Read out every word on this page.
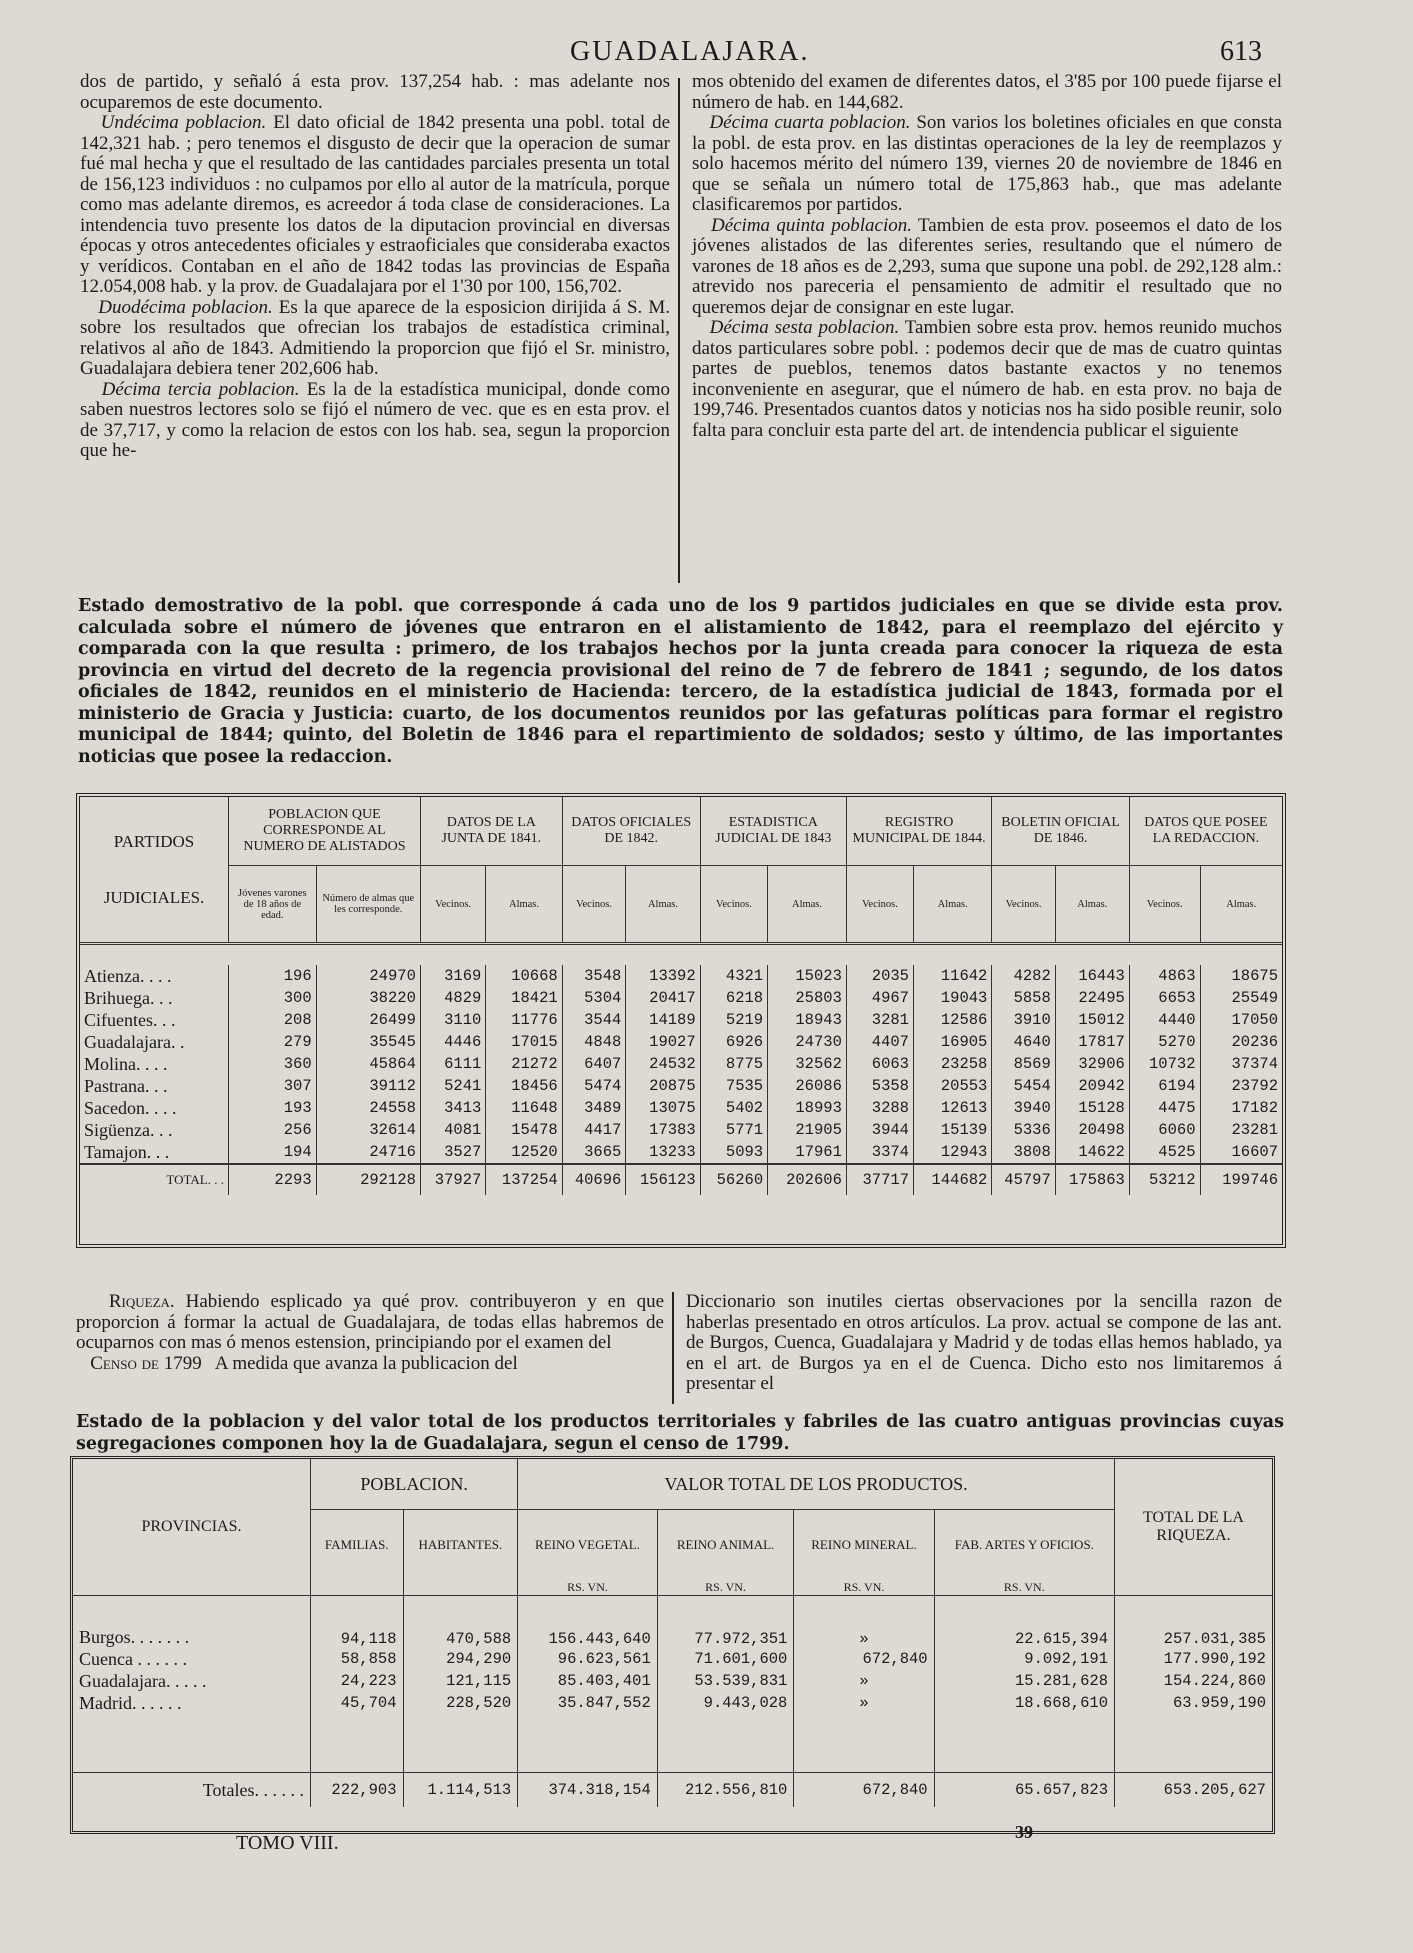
GUADALAJARA.	613

dos de partido, y señaló á esta prov. 137,254 hab. : mas adelante nos ocuparemos de este documento.

Undécima poblacion. El dato oficial de 1842 presenta una pobl. total de 142,321 hab. ; pero tenemos el disgusto de decir que la operacion de sumar fué mal hecha y que el resultado de las cantidades parciales presenta un total de 156,123 individuos : no culpamos por ello al autor de la matrícula, porque como mas adelante diremos, es acreedor á toda clase de consideraciones. La intendencia tuvo presente los datos de la diputacion provincial en diversas épocas y otros antecedentes oficiales y estraoficiales que consideraba exactos y verídicos. Contaban en el año de 1842 todas las provincias de España 12.054,008 hab. y la prov. de Guadalajara por el 1'30 por 100, 156,702.

Duodécima poblacion. Es la que aparece de la esposicion dirijida á S. M. sobre los resultados que ofrecian los trabajos de estadística criminal, relativos al año de 1843. Admitiendo la proporcion que fijó el Sr. ministro, Guadalajara debiera tener 202,606 hab.

Décima tercia poblacion. Es la de la estadística municipal, donde como saben nuestros lectores solo se fijó el número de vec. que es en esta prov. el de 37,717, y como la relacion de estos con los hab. sea, segun la proporcion que he-

mos obtenido del examen de diferentes datos, el 3'85 por 100 puede fijarse el número de hab. en 144,682.

Décima cuarta poblacion. Son varios los boletines oficiales en que consta la pobl. de esta prov. en las distintas operaciones de la ley de reemplazos y solo hacemos mérito del número 139, viernes 20 de noviembre de 1846 en que se señala un número total de 175,863 hab., que mas adelante clasificaremos por partidos.

Décima quinta poblacion. Tambien de esta prov. poseemos el dato de los jóvenes alistados de las diferentes series, resultando que el número de varones de 18 años es de 2,293, suma que supone una pobl. de 292,128 alm.: atrevido nos pareceria el pensamiento de admitir el resultado que no queremos dejar de consignar en este lugar.

Décima sesta poblacion. Tambien sobre esta prov. hemos reunido muchos datos particulares sobre pobl. : podemos decir que de mas de cuatro quintas partes de pueblos, tenemos datos bastante exactos y no tenemos inconveniente en asegurar, que el número de hab. en esta prov. no baja de 199,746. Presentados cuantos datos y noticias nos ha sido posible reunir, solo falta para concluir esta parte del art. de intendencia publicar el siguiente

Estado demostrativo de la pobl. que corresponde á cada uno de los 9 partidos judiciales en que se divide esta prov. calculada sobre el número de jóvenes que entraron en el alistamiento de 1842, para el reemplazo del ejército y comparada con la que resulta : primero, de los trabajos hechos por la junta creada para conocer la riqueza de esta provincia en virtud del decreto de la regencia provisional del reino de 7 de febrero de 1841 ; segundo, de los datos oficiales de 1842, reunidos en el ministerio de Hacienda: tercero, de la estadística judicial de 1843, formada por el ministerio de Gracia y Justicia: cuarto, de los documentos reunidos por las gefaturas políticas para formar el registro municipal de 1844; quinto, del Boletin de 1846 para el repartimiento de soldados; sesto y último, de las importantes noticias que posee la redaccion.
PARTIDOS JUDICIALES.	POBLACION QUE CORRESPONDE AL NUMERO DE ALISTADOS		DATOS DE LA JUNTA DE 1841.		DATOS OFICIALES DE 1842.		ESTADISTICA JUDICIAL DE 1843		REGISTRO MUNICIPAL DE 1844.		BOLETIN OFICIAL DE 1846.		DATOS QUE POSEE LA REDACCION.	
	Jóvenes varones de 18 años de edad.	Número de almas que les corresponde.	Vecinos.	Almas.	Vecinos.	Almas.	Vecinos.	Almas.	Vecinos.	Almas.	Vecinos.	Almas.	Vecinos.	Almas.

Atienza. . . .	196	24970	3169	10668	3548	13392	4321	15023	2035	11642	4282	16443	4863	18675
Brihuega. . .	300	38220	4829	18421	5304	20417	6218	25803	4967	19043	5858	22495	6653	25549
Cifuentes. . .	208	26499	3110	11776	3544	14189	5219	18943	3281	12586	3910	15012	4440	17050
Guadalajara. .	279	35545	4446	17015	4848	19027	6926	24730	4407	16905	4640	17817	5270	20236
Molina. . . .	360	45864	6111	21272	6407	24532	8775	32562	6063	23258	8569	32906	10732	37374
Pastrana. . .	307	39112	5241	18456	5474	20875	7535	26086	5358	20553	5454	20942	6194	23792
Sacedon. . . .	193	24558	3413	11648	3489	13075	5402	18993	3288	12613	3940	15128	4475	17182
Sigüenza. . .	256	32614	4081	15478	4417	17383	5771	21905	3944	15139	5336	20498	6060	23281
Tamajon. . .	194	24716	3527	12520	3665	13233	5093	17961	3374	12943	3808	14622	4525	16607
TOTAL. . .	2293	292128	37927	137254	40696	156123	56260	202606	37717	144682	45797	175863	53212	199746

Riqueza. Habiendo esplicado ya qué prov. contribuyeron y en que proporcion á formar la actual de Guadalajara, de todas ellas habremos de ocuparnos con mas ó menos estension, principiando por el examen del

Censo de 1799 A medida que avanza la publicacion del

Diccionario son inutiles ciertas observaciones por la sencilla razon de haberlas presentado en otros artículos. La prov. actual se compone de las ant. de Burgos, Cuenca, Guadalajara y Madrid y de todas ellas hemos hablado, ya en el art. de Burgos ya en el de Cuenca. Dicho esto nos limitaremos á presentar el

Estado de la poblacion y del valor total de los productos territoriales y fabriles de las cuatro antiguas provincias cuyas segregaciones componen hoy la de Guadalajara, segun el censo de 1799.
PROVINCIAS.	POBLACION.		VALOR TOTAL DE LOS PRODUCTOS.				TOTAL DE LA RIQUEZA.
	FAMILIAS.	HABITANTES.	REINO VEGETAL.	REINO ANIMAL.	REINO MINERAL.	FAB. ARTES Y OFICIOS.	
			RS. VN.	RS. VN.	RS. VN.	RS. VN.	
Burgos. . . . . . .	94,118	470,588	156.443,640	77.972,351	»	22.615,394	257.031,385
Cuenca . . . . . .	58,858	294,290	96.623,561	71.601,600	672,840	9.092,191	177.990,192
Guadalajara. . . . .	24,223	121,115	85.403,401	53.539,831	»	15.281,628	154.224,860
Madrid. . . . . .	45,704	228,520	35.847,552	9.443,028	»	18.668,610	63.959,190

Totales. . . . . .	222,903	1.114,513	374.318,154	212.556,810	672,840	65.657,823	653.205,627
TOMO VIII.	39
